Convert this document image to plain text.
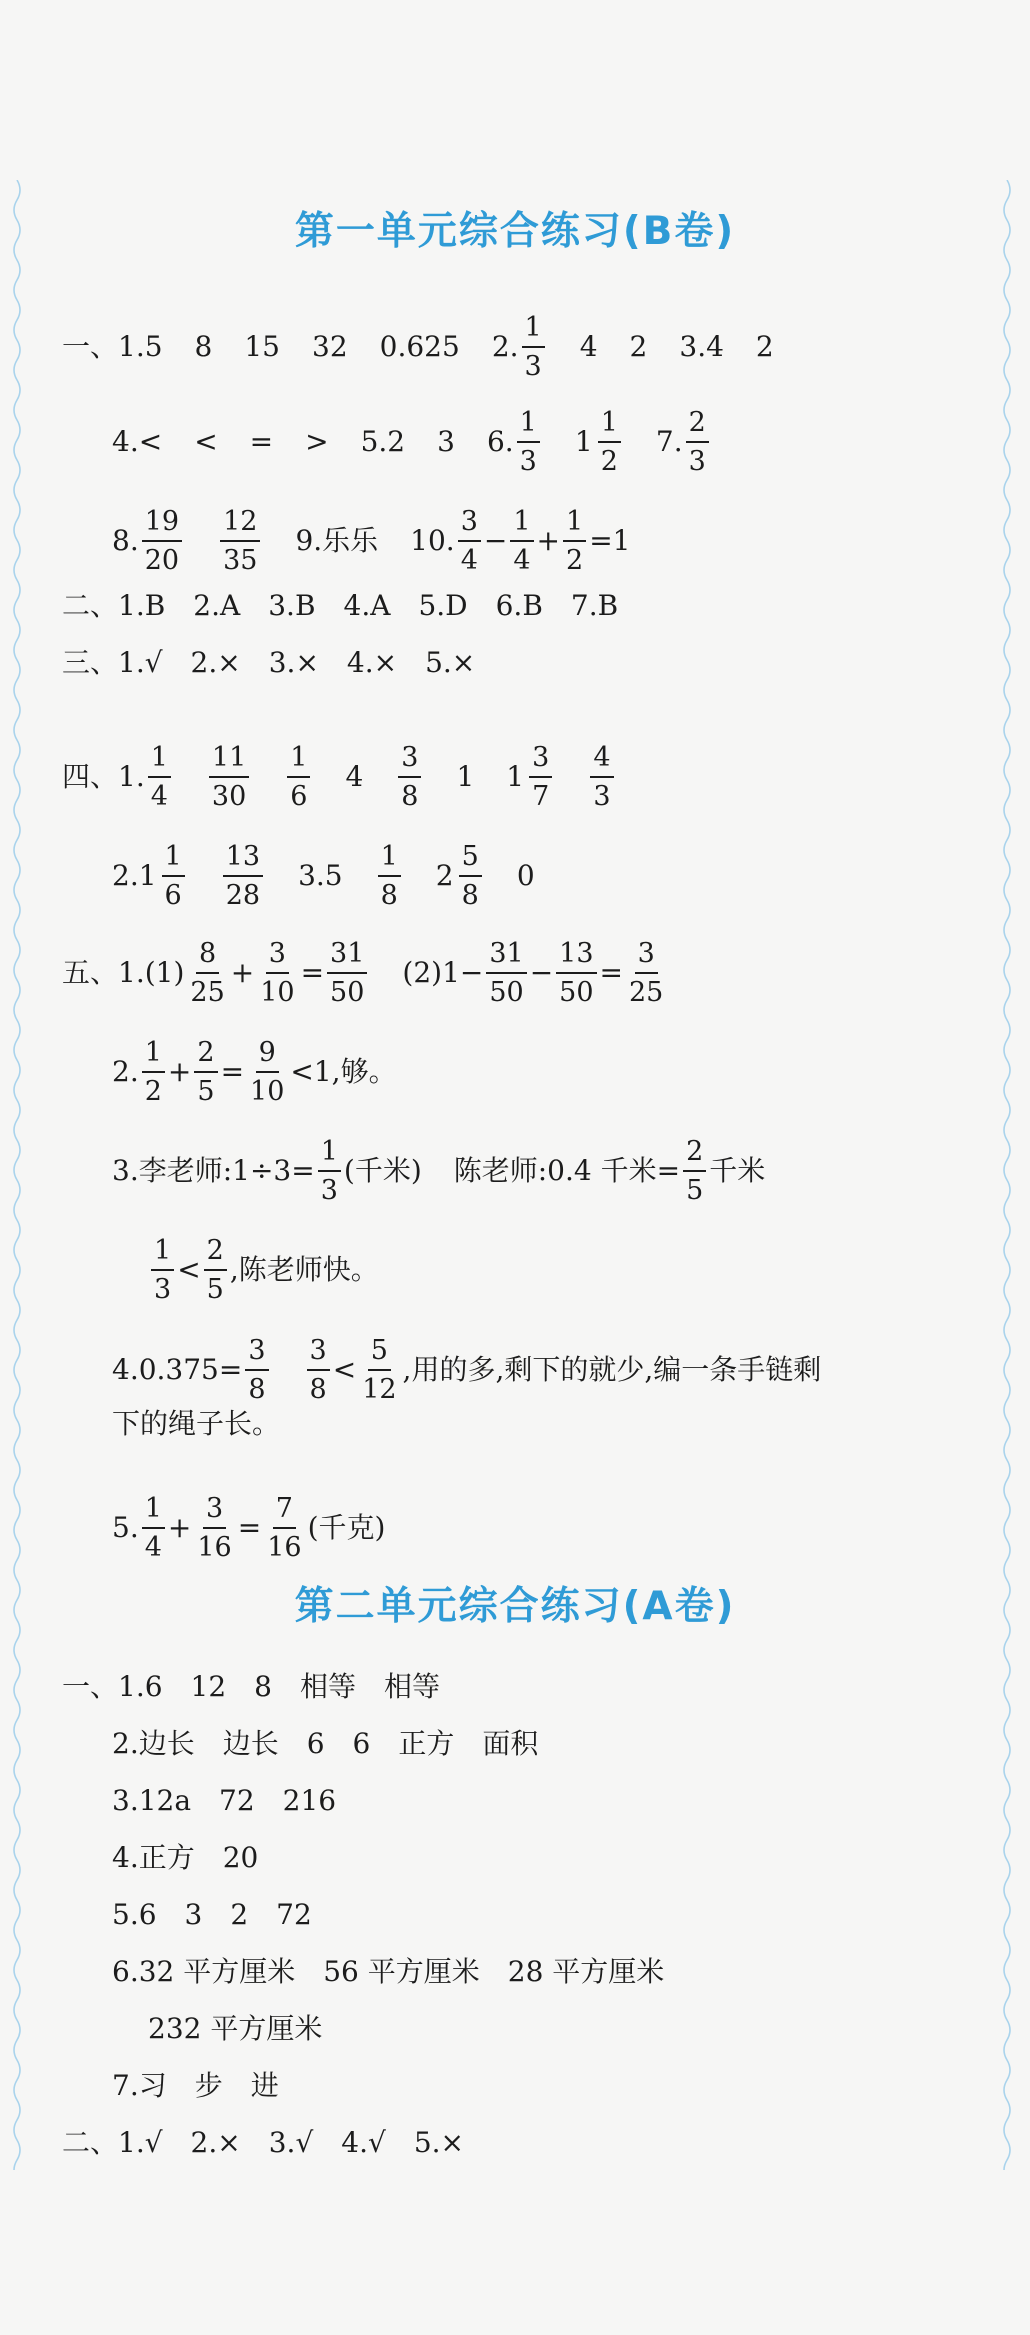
第一单元综合练习(B卷)
一、1.5 8 15 32 0.625 2. $\frac{1}{3} 4$ 2 3.4 2
4.< < = > 5.2 3 6. $\frac{1}{3} 1 \frac{1}{2} 7$. $\frac{2}{3}$
8. $\frac{19}{20} \frac{12}{35} 9$.乐乐 10. $\frac{3}{4} - \frac{1}{4} + \frac{1}{2} =1$
二、1.B　2.A　3.B　4.A　5.D　6.B　7.B
三、1.√　2.×　3.×　4.×　5.×
四、1. $\frac{1}{4} \frac{11}{30} \frac{1}{6} 4 \frac{3}{8} 1$ $1 \frac{3}{7} \frac{4}{3}$
$2.1 \frac{1}{6} \frac{13}{28} 3.5 \frac{1}{8} 2 \frac{5}{8} 0$
五、$1.(1) \frac{8}{25} + \frac{3}{10} = \frac{31}{50} (2)1- \frac{31}{50} - \frac{13}{50} = \frac{3}{25}$
2. $\frac{1}{2} + \frac{2}{5} = \frac{9}{10} <1$,够。
3.李老师:1÷3= $\frac{1}{3}$ (千米) 陈老师:0.4 千米= $\frac{2}{5}$ 千米
$\frac{1}{3} < \frac{2}{5}$ ,陈老师快。
$4.0.375= \frac{3}{8} \frac{3}{8} < \frac{5}{12}$ ,用的多,剩下的就少,编一条手链剩
下的绳子长。
5. $\frac{1}{4} + \frac{3}{16} = \frac{7}{16}$ (千克)
第二单元综合练习(A卷)
一、1.6　12　8　相等　相等
2.边长　边长　6　6　正方　面积
3.12a　72　216
4.正方　20
5.6　3　2　72
6.32 平方厘米　56 平方厘米　28 平方厘米
232 平方厘米
7.习　步　进
二、1.√　2.×　3.√　4.√　5.×
